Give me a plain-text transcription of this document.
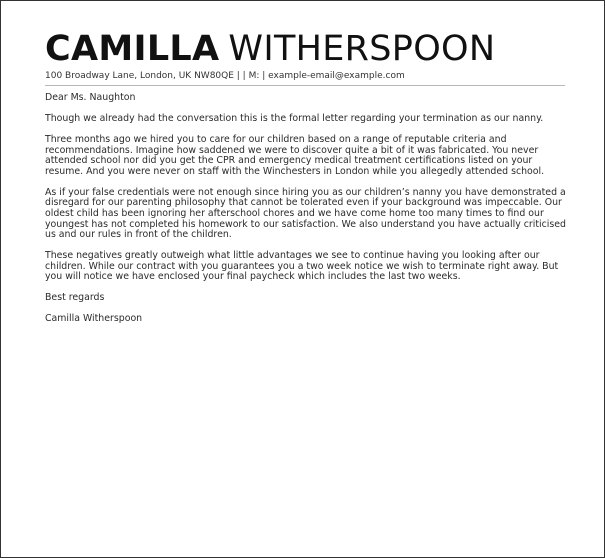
CAMILLA WITHERSPOON
100 Broadway Lane, London, UK NW80QE | | M: | example-email@example.com

Dear Ms. Naughton

Though we already had the conversation this is the formal letter regarding your termination as our nanny.

Three months ago we hired you to care for our children based on a range of reputable criteria and recommendations. Imagine how saddened we were to discover quite a bit of it was fabricated. You never attended school nor did you get the CPR and emergency medical treatment certifications listed on your resume. And you were never on staff with the Winchesters in London while you allegedly attended school.

As if your false credentials were not enough since hiring you as our children’s nanny you have demonstrated a disregard for our parenting philosophy that cannot be tolerated even if your background was impeccable. Our oldest child has been ignoring her afterschool chores and we have come home too many times to find our youngest has not completed his homework to our satisfaction. We also understand you have actually criticised us and our rules in front of the children.

These negatives greatly outweigh what little advantages we see to continue having you looking after our children. While our contract with you guarantees you a two week notice we wish to terminate right away. But you will notice we have enclosed your final paycheck which includes the last two weeks.

Best regards

Camilla Witherspoon
